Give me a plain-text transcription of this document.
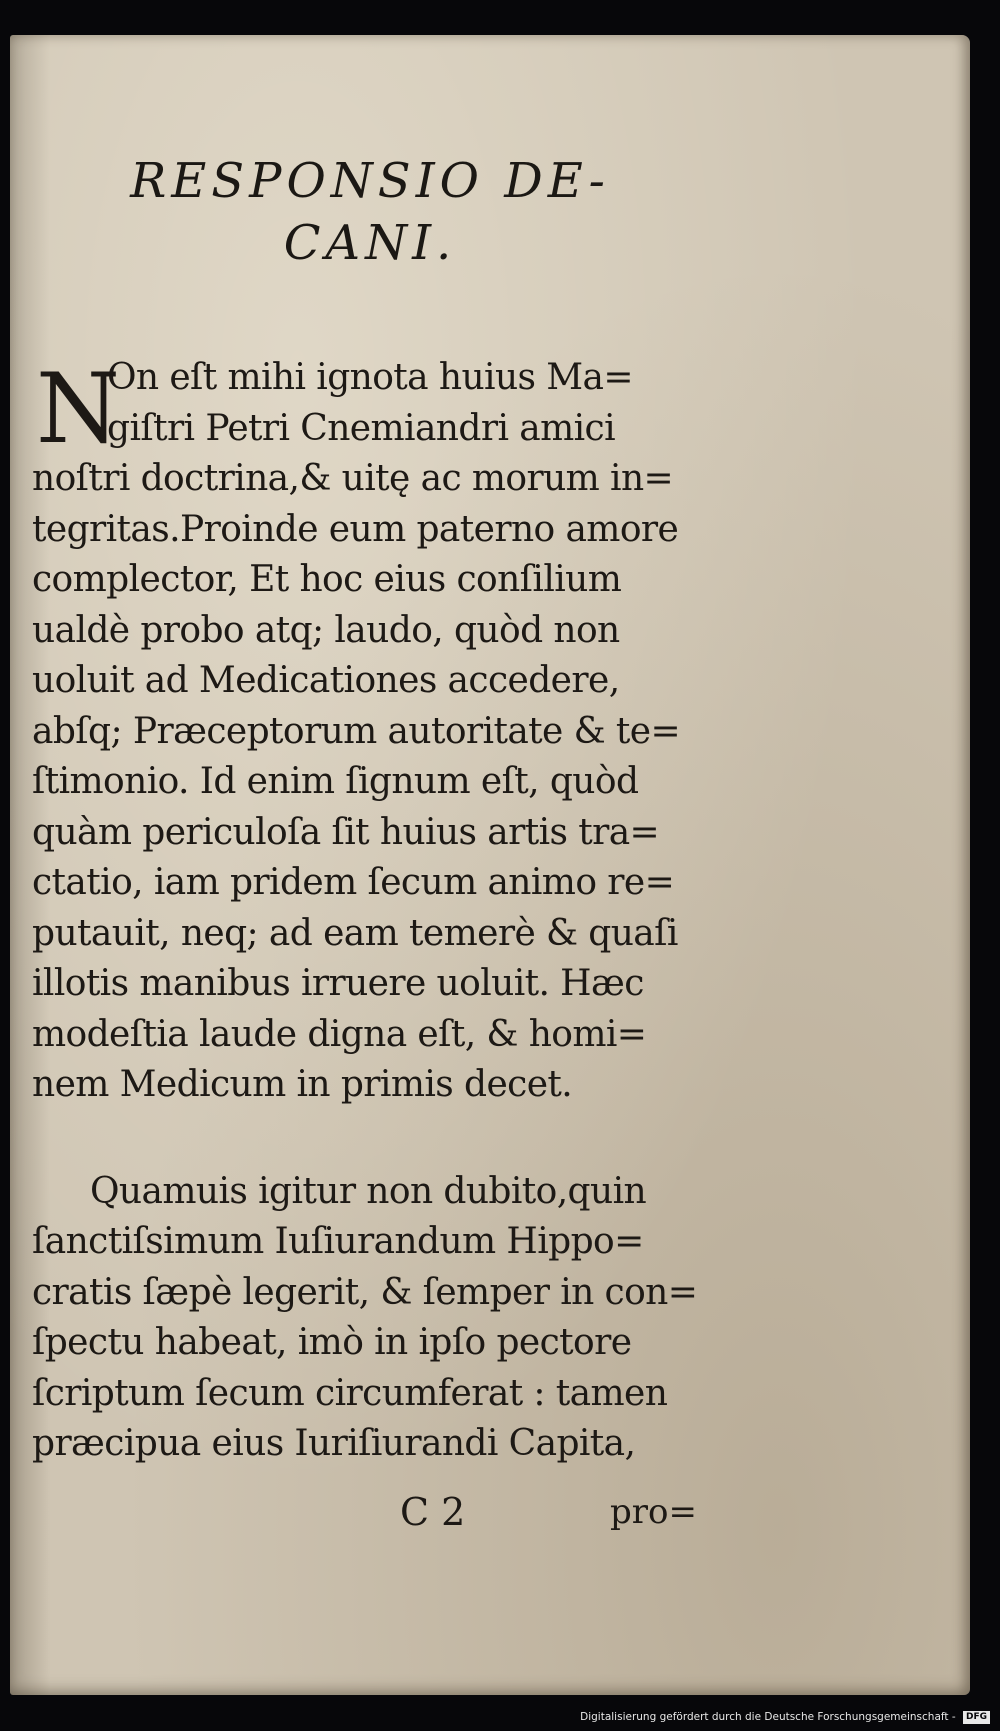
RESPONSIO DE-
CANI.
N
On eſt mihi ignota huius Ma=
giſtri Petri Cnemiandri amici
noſtri doctrina,& uitę ac morum in=
tegritas.Proinde eum paterno amore
complector, Et hoc eius conſilium
ualdè probo atq; laudo, quòd non
uoluit ad Medicationes accedere,
abſq; Præceptorum autoritate & te=
ſtimonio. Id enim ſignum eſt, quòd
quàm periculoſa ſit huius artis tra=
ctatio, iam pridem ſecum animo re=
putauit, neq; ad eam temerè & quaſi
illotis manibus irruere uoluit. Hæc
modeſtia laude digna eſt, & homi=
nem Medicum in primis decet.
Quamuis igitur non dubito,quin
ſanctiſsimum Iuſiurandum Hippo=
cratis ſæpè legerit, & ſemper in con=
ſpectu habeat, imò in ipſo pectore
ſcriptum ſecum circumferat : tamen
præcipua eius Iuriſiurandi Capita,
C 2	pro=
Digitalisierung gefördert durch die Deutsche Forschungsgemeinschaft - DFG
